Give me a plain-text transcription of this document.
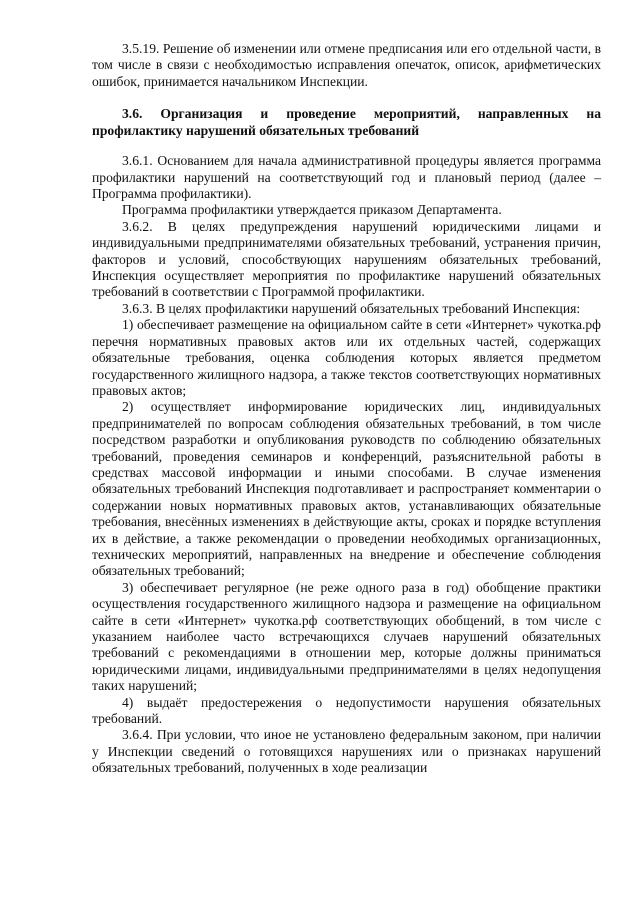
3.5.19. Решение об изменении или отмене предписания или его отдельной части, в том числе в связи с необходимостью исправления опечаток, описок, арифметических ошибок, принимается начальником Инспекции.

3.6. Организация и проведение мероприятий, направленных на профилактику нарушений обязательных требований

3.6.1. Основанием для начала административной процедуры является программа профилактики нарушений на соответствующий год и плановый период (далее – Программа профилактики).

Программа профилактики утверждается приказом Департамента.

3.6.2. В целях предупреждения нарушений юридическими лицами и индивидуальными предпринимателями обязательных требований, устранения причин, факторов и условий, способствующих нарушениям обязательных требований, Инспекция осуществляет мероприятия по профилактике нарушений обязательных требований в соответствии с Программой профилактики.

3.6.3. В целях профилактики нарушений обязательных требований Инспекция:

1) обеспечивает размещение на официальном сайте в сети «Интернет» чукотка.рф перечня нормативных правовых актов или их отдельных частей, содержащих обязательные требования, оценка соблюдения которых является предметом государственного жилищного надзора, а также текстов соответствующих нормативных правовых актов;

2) осуществляет информирование юридических лиц, индивидуальных предпринимателей по вопросам соблюдения обязательных требований, в том числе посредством разработки и опубликования руководств по соблюдению обязательных требований, проведения семинаров и конференций, разъяснительной работы в средствах массовой информации и иными способами. В случае изменения обязательных требований Инспекция подготавливает и распространяет комментарии о содержании новых нормативных правовых актов, устанавливающих обязательные требования, внесённых изменениях в действующие акты, сроках и порядке вступления их в действие, а также рекомендации о проведении необходимых организационных, технических мероприятий, направленных на внедрение и обеспечение соблюдения обязательных требований;

3) обеспечивает регулярное (не реже одного раза в год) обобщение практики осуществления государственного жилищного надзора и размещение на официальном сайте в сети «Интернет» чукотка.рф соответствующих обобщений, в том числе с указанием наиболее часто встречающихся случаев нарушений обязательных требований с рекомендациями в отношении мер, которые должны приниматься юридическими лицами, индивидуальными предпринимателями в целях недопущения таких нарушений;

4) выдаёт предостережения о недопустимости нарушения обязательных требований.

3.6.4. При условии, что иное не установлено федеральным законом, при наличии у Инспекции сведений о готовящихся нарушениях или о признаках нарушений обязательных требований, полученных в ходе реализации
